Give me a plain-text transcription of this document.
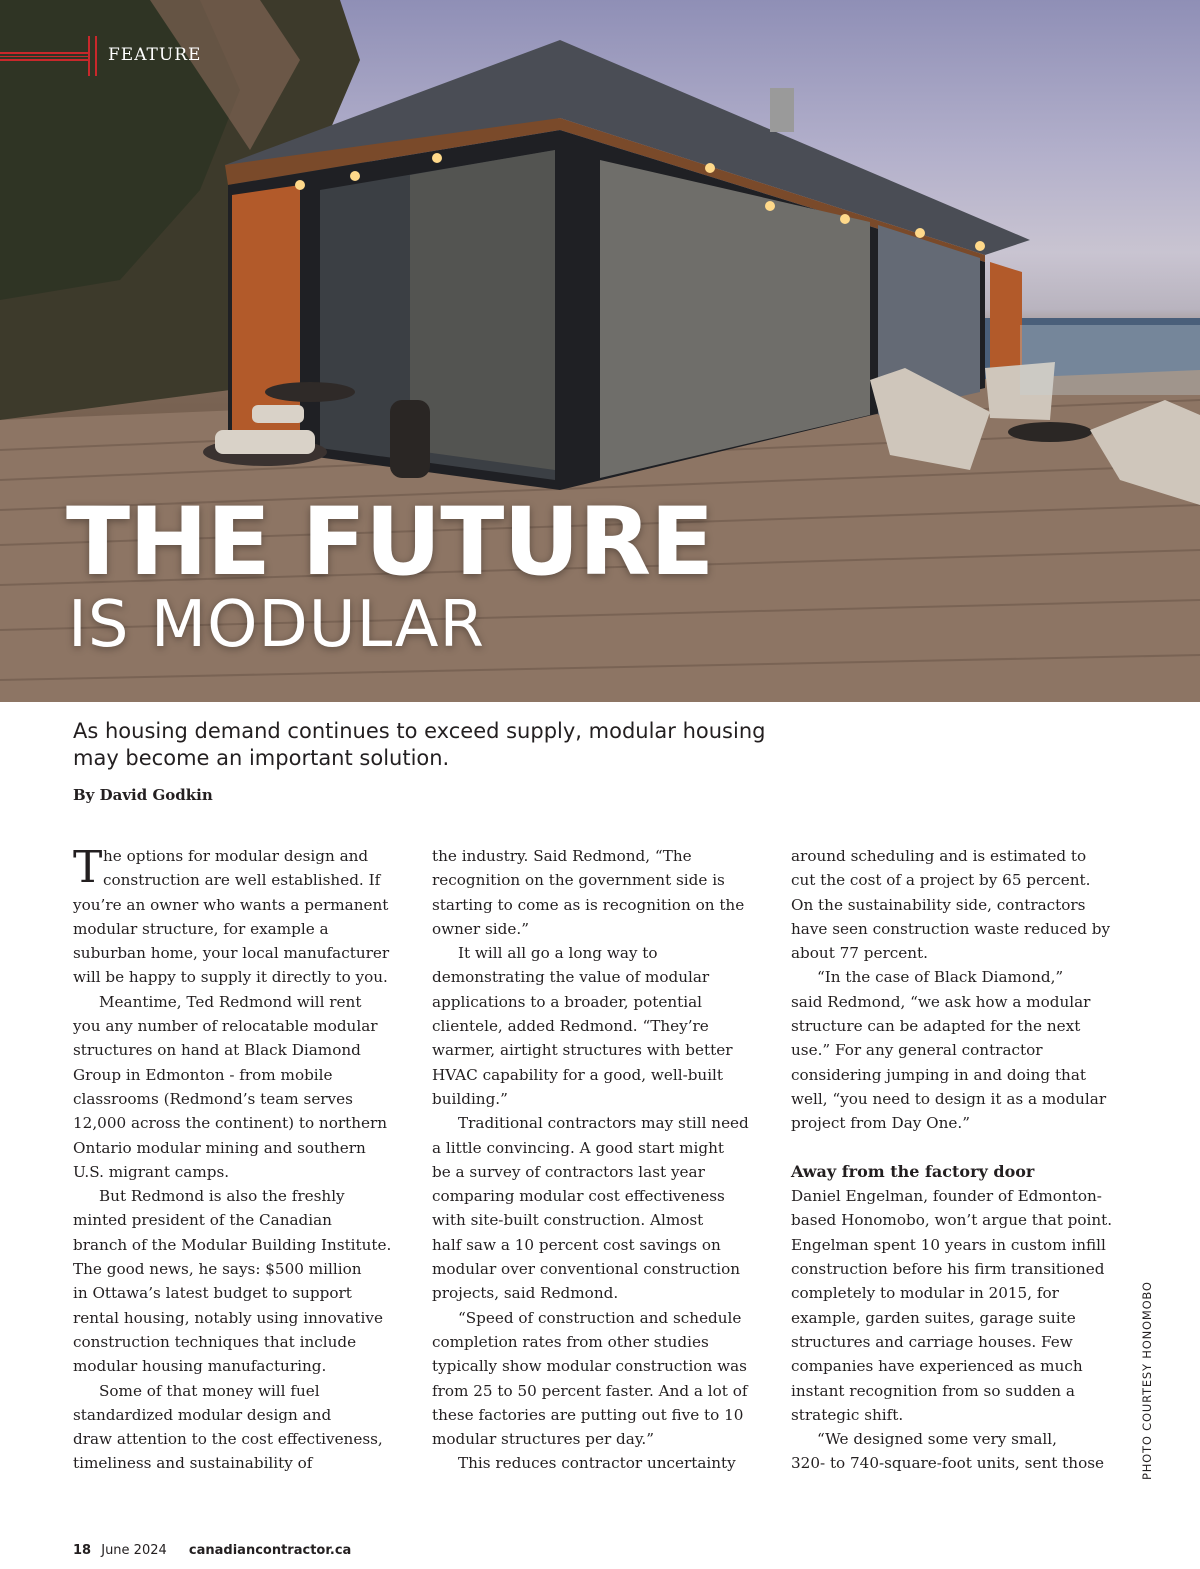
FEATURE
THE FUTURE
IS MODULAR
As housing demand continues to exceed supply, modular housing may become an important solution.
By David Godkin
T he options for modular design and
construction are well established. If
you’re an owner who wants a permanent
modular structure, for example a
suburban home, your local manufacturer
will be happy to supply it directly to you.
Meantime, Ted Redmond will rent
you any number of relocatable modular
structures on hand at Black Diamond
Group in Edmonton - from mobile
classrooms (Redmond’s team serves
12,000 across the continent) to northern
Ontario modular mining and southern
U.S. migrant camps.
But Redmond is also the freshly
minted president of the Canadian
branch of the Modular Building Institute.
The good news, he says: $500 million
in Ottawa’s latest budget to support
rental housing, notably using innovative
construction techniques that include
modular housing manufacturing.
Some of that money will fuel
standardized modular design and
draw attention to the cost effectiveness,
timeliness and sustainability of
the industry. Said Redmond, “The
recognition on the government side is
starting to come as is recognition on the
owner side.”
It will all go a long way to
demonstrating the value of modular
applications to a broader, potential
clientele, added Redmond. “They’re
warmer, airtight structures with better
HVAC capability for a good, well-built
building.”
Traditional contractors may still need
a little convincing. A good start might
be a survey of contractors last year
comparing modular cost effectiveness
with site-built construction. Almost
half saw a 10 percent cost savings on
modular over conventional construction
projects, said Redmond.
“Speed of construction and schedule
completion rates from other studies
typically show modular construction was
from 25 to 50 percent faster. And a lot of
these factories are putting out five to 10
modular structures per day.”
This reduces contractor uncertainty
around scheduling and is estimated to
cut the cost of a project by 65 percent.
On the sustainability side, contractors
have seen construction waste reduced by
about 77 percent.
“In the case of Black Diamond,”
said Redmond, “we ask how a modular
structure can be adapted for the next
use.” For any general contractor
considering jumping in and doing that
well, “you need to design it as a modular
project from Day One.”
Away from the factory door
Daniel Engelman, founder of Edmonton-
based Honomobo, won’t argue that point.
Engelman spent 10 years in custom infill
construction before his firm transitioned
completely to modular in 2015, for
example, garden suites, garage suite
structures and carriage houses. Few
companies have experienced as much
instant recognition from so sudden a
strategic shift.
“We designed some very small,
320- to 740-square-foot units, sent those	PHOTO COURTESY HONOMOBO
18 June 2024 canadiancontractor.ca
